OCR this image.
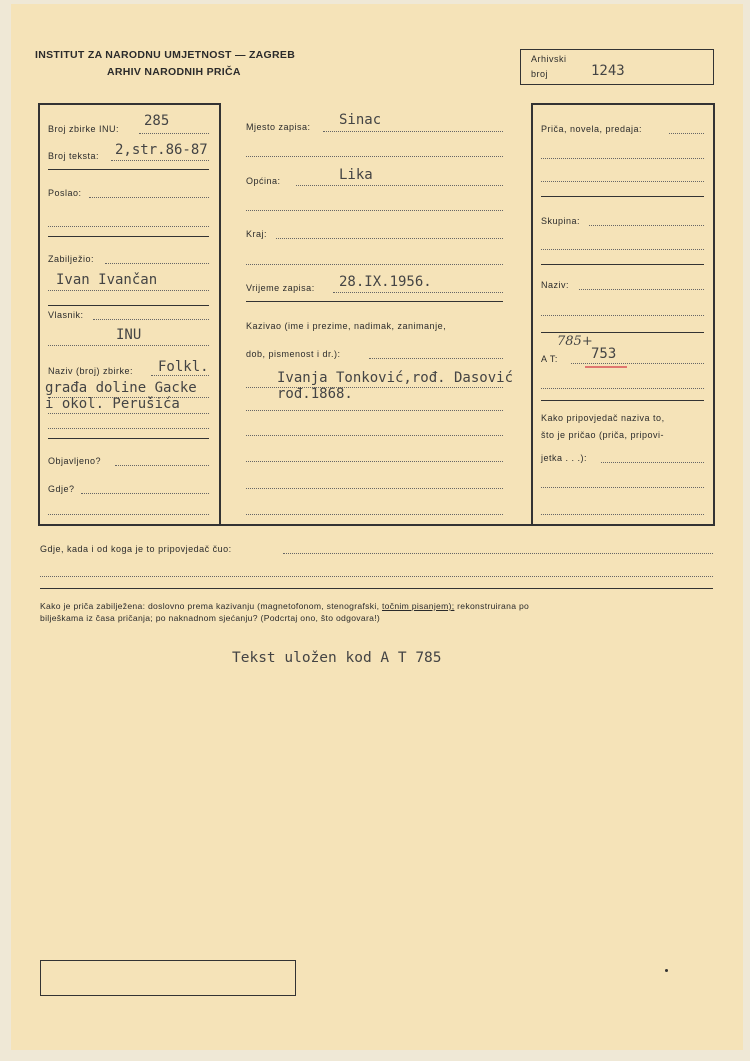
INSTITUT ZA NARODNU UMJETNOST — ZAGREB
ARHIV NARODNIH PRIČA
Arhivski
broj	1243
Broj zbirke INU: 285
Broj teksta: 2,str.86-87
Poslao:
Zabilježio:
Ivan Ivančan
Vlasnik:
INU
Naziv (broj) zbirke: Folkl.
građa doline Gacke
i okol. Perušića
Objavljeno?
Gdje?
Mjesto zapisa: Sinac
Općina:	Lika
Kraj:
Vrijeme zapisa: 28.IX.1956.
Kazivao (ime i prezime, nadimak, zanimanje,
dob, pismenost i dr.):
Ivanja Tonković,rođ. Dasović
rođ.1868.
Priča, novela, predaja:
Skupina:
Naziv:
785+
A T: 753
Kako pripovjedač naziva to,
što je pričao (priča, pripovi-
jetka . . .):
Gdje, kada i od koga je to pripovjedač čuo:
Kako je priča zabilježena: doslovno prema kazivanju (magnetofonom, stenografski, točnim pisanjem); rekonstruirana po
bilješkama iz časa pričanja; po naknadnom sjećanju? (Podcrtaj ono, što odgovara!)
Tekst uložen kod A T 785
